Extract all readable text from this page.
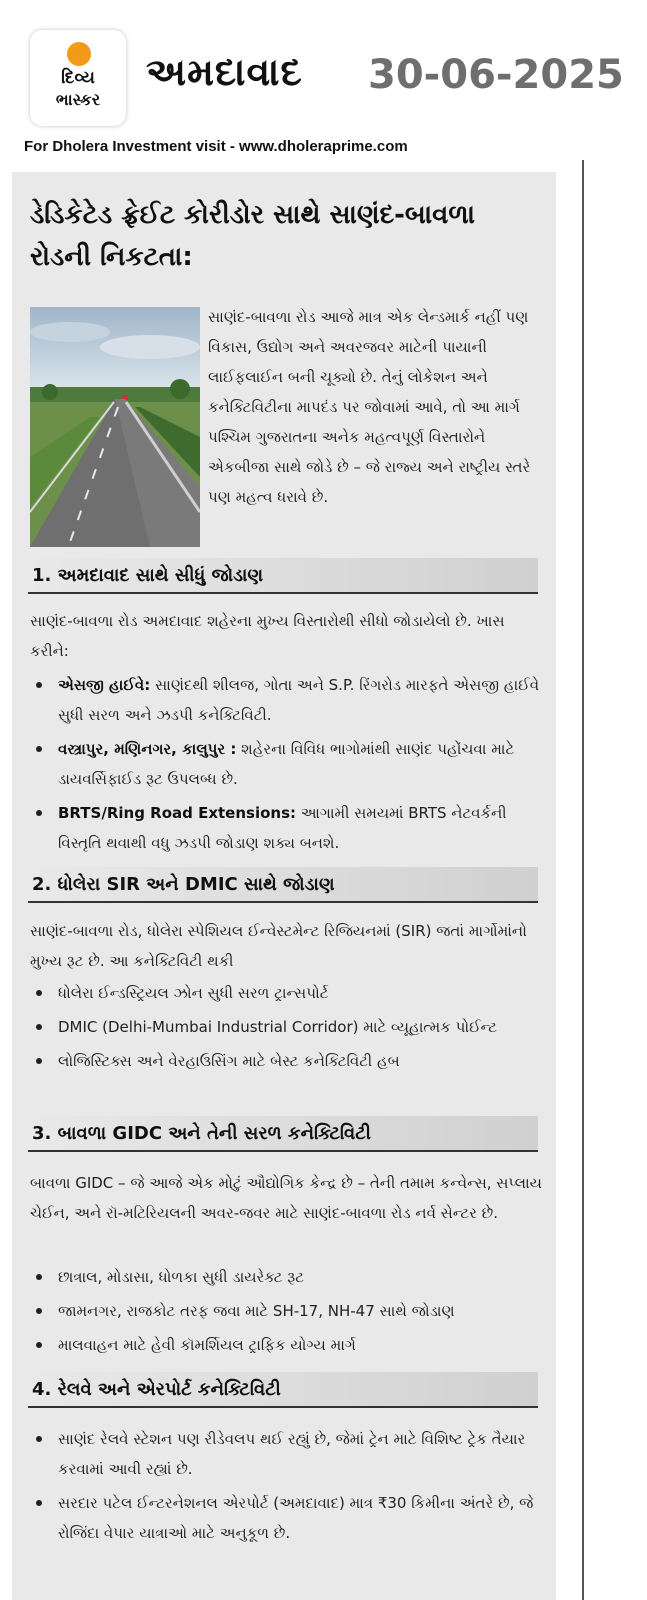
દિવ્ય
ભાસ્કર
અમદાવાદ 30-06-2025
For Dholera Investment visit - www.dholeraprime.com
ડેડિકેટેડ ફ્રેઈટ કોરીડોર સાથે સાણંદ-બાવળા રોડની નિકટતા:
સાણંદ-બાવળા રોડ આજે માત્ર એક લેન્ડમાર્ક નહીં પણ વિકાસ, ઉદ્યોગ અને અવરજવર માટેની પાયાની લાઈફલાઈન બની ચૂક્યો છે. તેનું લોકેશન અને કનેક્ટિવિટીના માપદંડ પર જોવામાં આવે, તો આ માર્ગ પશ્ચિમ ગુજરાતના અનેક મહત્વપૂર્ણ વિસ્તારોને એકબીજા સાથે જોડે છે – જે રાજ્ય અને રાષ્ટ્રીય સ્તરે પણ મહત્વ ધરાવે છે.
1. અમદાવાદ સાથે સીધું જોડાણ
સાણંદ-બાવળા રોડ અમદાવાદ શહેરના મુખ્ય વિસ્તારોથી સીધો જોડાયેલો છે. ખાસ કરીને:
એસજી હાઈવે: સાણંદથી શીલજ, ગોતા અને S.P. રિંગરોડ મારફતે એસજી હાઈવે સુધી સરળ અને ઝડપી કનેક્ટિવિટી.
વસ્ત્રાપુર, મણિનગર, કાલુપુર : શહેરના વિવિધ ભાગોમાંથી સાણંદ પહોંચવા માટે ડાયવર્સિફાઈડ રૂટ ઉપલબ્ધ છે.
BRTS/Ring Road Extensions: આગામી સમયમાં BRTS નેટવર્કની વિસ્તૃતિ થવાથી વધુ ઝડપી જોડાણ શક્ય બનશે.
2. ધોલેરા SIR અને DMIC સાથે જોડાણ
સાણંદ-બાવળા રોડ, ધોલેરા સ્પેશિયલ ઈન્વેસ્ટમેન્ટ રિજિયનમાં (SIR) જતાં માર્ગોમાંનો મુખ્ય રૂટ છે. આ કનેક્ટિવિટી થકી
ધોલેરા ઈન્ડસ્ટ્રિયલ ઝોન સુધી સરળ ટ્રાન્સપોર્ટ
DMIC (Delhi-Mumbai Industrial Corridor) માટે વ્યૂહાત્મક પોઈન્ટ
લોજિસ્ટિક્સ અને વેરહાઉસિંગ માટે બેસ્ટ કનેક્ટિવિટી હબ
3. બાવળા GIDC અને તેની સરળ કનેક્ટિવિટી
બાવળા GIDC – જે આજે એક મોટું ઔદ્યોગિક કેન્દ્ર છે – તેની તમામ કન્વેન્સ, સપ્લાય ચેઈન, અને રૉ-મટિરિયલની અવર-જવર માટે સાણંદ-બાવળા રોડ નર્વ સેન્ટર છે.
છાત્રાલ, મોડાસા, ધોળકા સુધી ડાયરેક્ટ રૂટ
જામનગર, રાજકોટ તરફ જવા માટે SH-17, NH-47 સાથે જોડાણ
માલવાહન માટે હેવી કૉમર્શિયલ ટ્રાફિક યોગ્ય માર્ગ
4. રેલવે અને એરપોર્ટ કનેક્ટિવિટી
સાણંદ રેલવે સ્ટેશન પણ રીડેવલપ થઈ રહ્યું છે, જેમાં ટ્રેન માટે વિશિષ્ટ ટ્રેક તૈયાર કરવામાં આવી રહ્યાં છે.
સરદાર પટેલ ઈન્ટરનેશનલ એરપોર્ટ (અમદાવાદ) માત્ર ₹30 કિમીના અંતરે છે, જે રોજિંદા વેપાર યાત્રાઓ માટે અનુકૂળ છે.
